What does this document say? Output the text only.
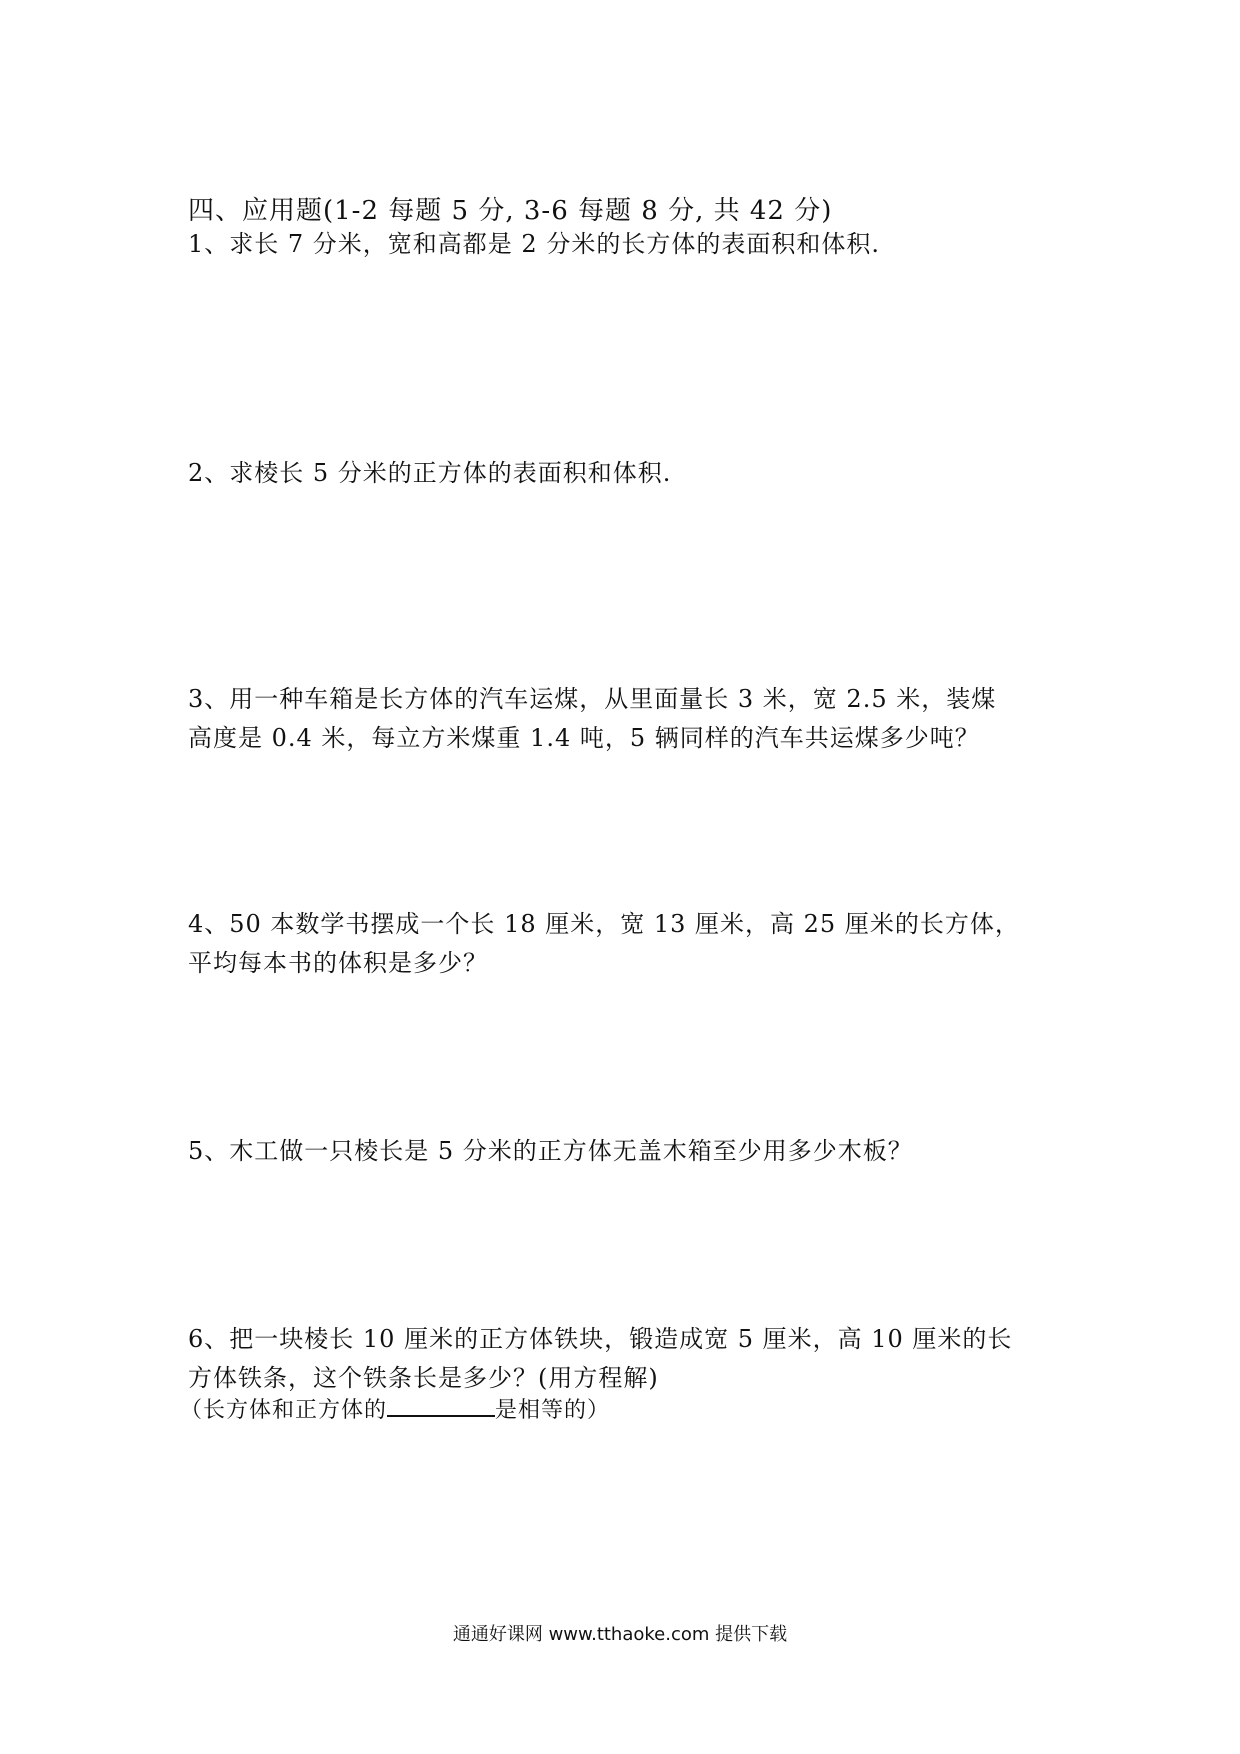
四、应用题(1-2 每题 5 分, 3-6 每题 8 分, 共 42 分)

1、求长 7 分米，宽和高都是 2 分米的长方体的表面积和体积.

2、求棱长 5 分米的正方体的表面积和体积.

3、用一种车箱是长方体的汽车运煤，从里面量长 3 米，宽 2.5 米，装煤

高度是 0.4 米，每立方米煤重 1.4 吨，5 辆同样的汽车共运煤多少吨？

4、50 本数学书摆成一个长 18 厘米，宽 13 厘米，高 25 厘米的长方体，

平均每本书的体积是多少？

5、木工做一只棱长是 5 分米的正方体无盖木箱至少用多少木板？

6、把一块棱长 10 厘米的正方体铁块，锻造成宽 5 厘米，高 10 厘米的长

方体铁条，这个铁条长是多少？(用方程解)

（长方体和正方体的	是相等的）
通通好课网 www.tthaoke.com 提供下载
